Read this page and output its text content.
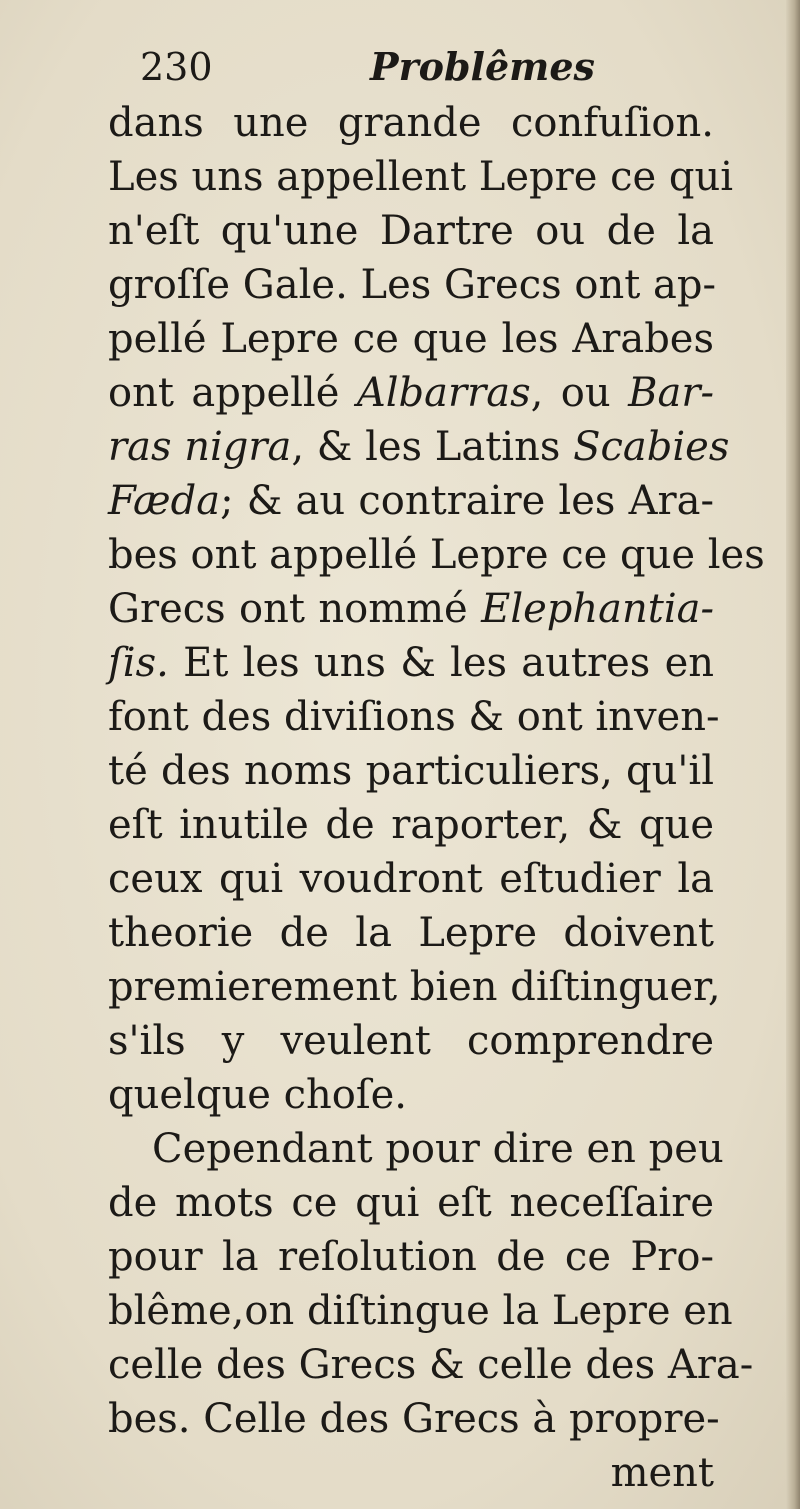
230	Problêmes
dans une grande confuſion.
Les uns appellent Lepre ce qui
n'eſt qu'une Dartre ou de la
groſſe Gale. Les Grecs ont ap-
pellé Lepre ce que les Arabes
ont appellé Albarras, ou Bar-
ras nigra, & les Latins Scabies
Fæda; & au contraire les Ara-
bes ont appellé Lepre ce que les
Grecs ont nommé Elephantia-
ſis. Et les uns & les autres en
font des diviſions & ont inven-
té des noms particuliers, qu'il
eſt inutile de raporter, & que
ceux qui voudront eſtudier la
theorie de la Lepre doivent
premierement bien diſtinguer,
s'ils y veulent comprendre
quelque choſe.
Cependant pour dire en peu
de mots ce qui eſt neceſſaire
pour la reſolution de ce Pro-
blême,on diſtingue la Lepre en
celle des Grecs & celle des Ara-
bes. Celle des Grecs à propre-
ment
